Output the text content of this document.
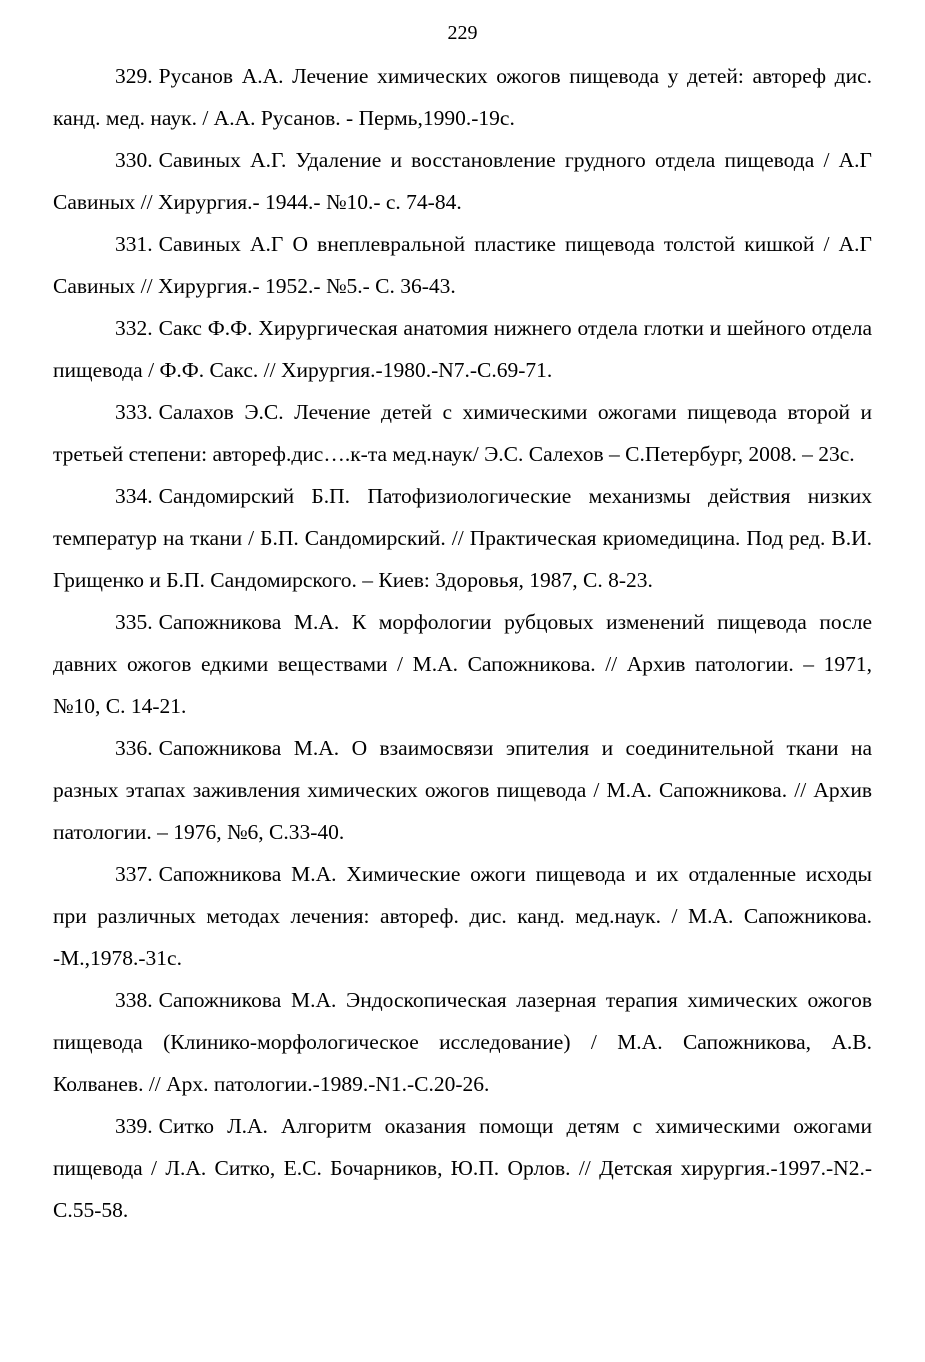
229

329. Русанов А.А. Лечение химических ожогов пищевода у детей: автореф дис. канд. мед. наук. / А.А. Русанов. - Пермь,1990.-19с.

330. Савиных А.Г. Удаление и восстановление грудного отдела пищевода / А.Г Савиных // Хирургия.- 1944.- №10.- с. 74-84.

331. Савиных А.Г О внеплевральной пластике пищевода толстой кишкой / А.Г Савиных // Хирургия.- 1952.- №5.- С. 36-43.

332. Сакс Ф.Ф. Хирургическая анатомия нижнего отдела глотки и шейного отдела пищевода / Ф.Ф. Сакс. // Хирургия.-1980.-N7.-С.69-71.

333. Салахов Э.С. Лечение детей с химическими ожогами пищевода второй и третьей степени: автореф.дис….к-та мед.наук/ Э.С. Салехов – С.Петербург, 2008. – 23с.

334. Сандомирский Б.П. Патофизиологические механизмы действия низких температур на ткани / Б.П. Сандомирский. // Практическая криомедицина. Под ред. В.И. Грищенко и Б.П. Сандомирского. – Киев: Здоровья, 1987, С. 8-23.

335. Сапожникова М.А. К морфологии рубцовых изменений пищевода после давних ожогов едкими веществами / М.А. Сапожникова. // Архив патологии. – 1971, №10, С. 14-21.

336. Сапожникова М.А. О взаимосвязи эпителия и соединительной ткани на разных этапах заживления химических ожогов пищевода / М.А. Сапожникова. // Архив патологии. – 1976, №6, С.33-40.

337. Сапожникова М.А. Химические ожоги пищевода и их отдаленные исходы при различных методах лечения: автореф. дис. канд. мед.наук. / М.А. Сапожникова. -М.,1978.-31с.

338. Сапожникова М.А. Эндоскопическая лазерная терапия химических ожогов пищевода (Клинико-морфологическое исследование) / М.А. Сапожникова, А.В. Колванев. // Арх. патологии.-1989.-N1.-С.20-26.

339. Ситко Л.А. Алгоритм оказания помощи детям с химическими ожогами пищевода / Л.А. Ситко, Е.С. Бочарников, Ю.П. Орлов. // Детская хирургия.-1997.-N2.-С.55-58.
